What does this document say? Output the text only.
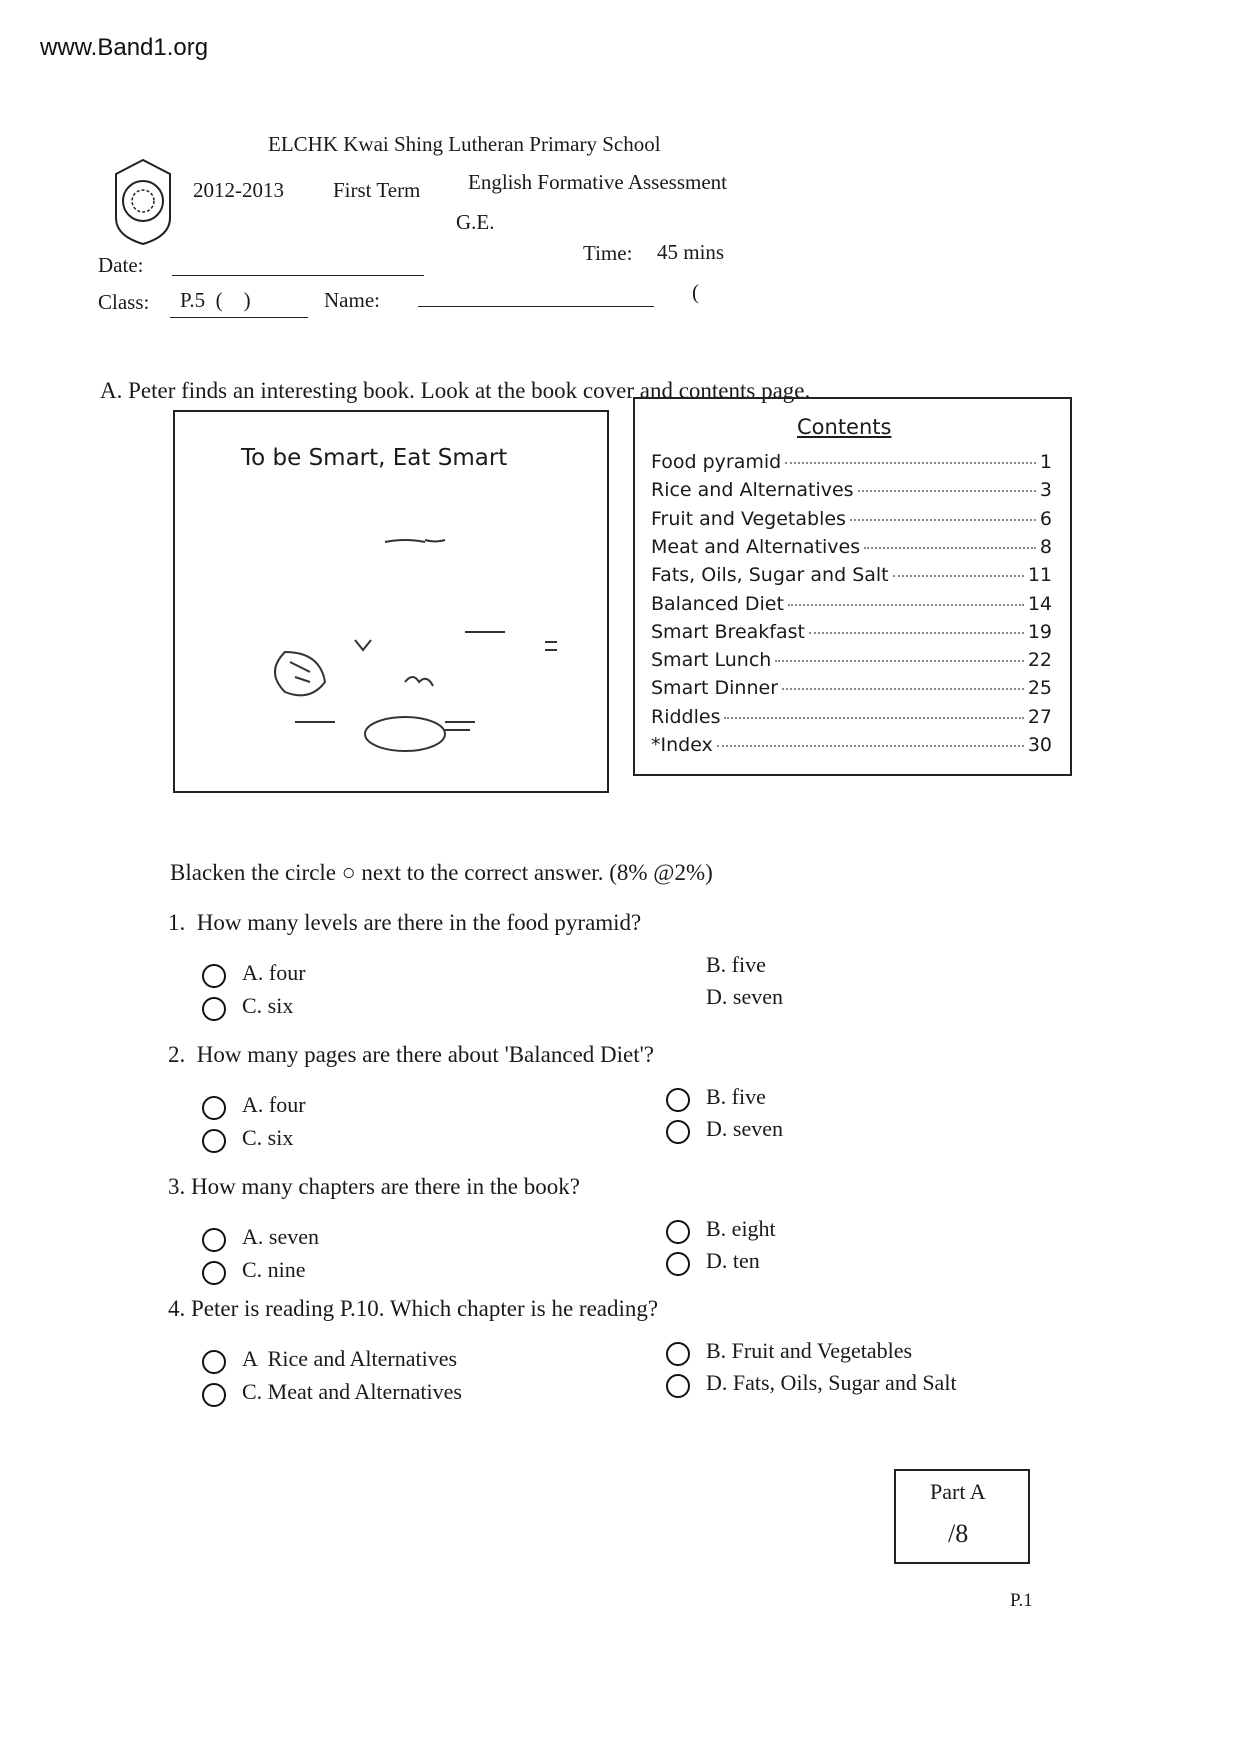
www.Band1.org

ELCHK Kwai Shing Lutheran Primary School
2012-2013 First Term English Formative Assessment
G.E.
Time: 45 mins
Date:
Class: P.5  (    )	Name:	(
A. Peter finds an interesting book. Look at the book cover and contents page.
To be Smart, Eat Smart
Contents
Food pyramid	1
Rice and Alternatives	3
Fruit and Vegetables	6
Meat and Alternatives	8
Fats, Oils, Sugar and Salt	11
Balanced Diet	14
Smart Breakfast	19
Smart Lunch	22
Smart Dinner	25
Riddles	27
*Index	30
Blacken the circle ○ next to the correct answer. (8% @2%)
1.  How many levels are there in the food pyramid?
A. four
C. six
B. five
D. seven
2.  How many pages are there about 'Balanced Diet'?
A. four
C. six
B. five
D. seven
3. How many chapters are there in the book?
A. seven
C. nine
B. eight
D. ten
4. Peter is reading P.10. Which chapter is he reading?
A  Rice and Alternatives
C. Meat and Alternatives
B. Fruit and Vegetables
D. Fats, Oils, Sugar and Salt
Part A
/8
P.1
